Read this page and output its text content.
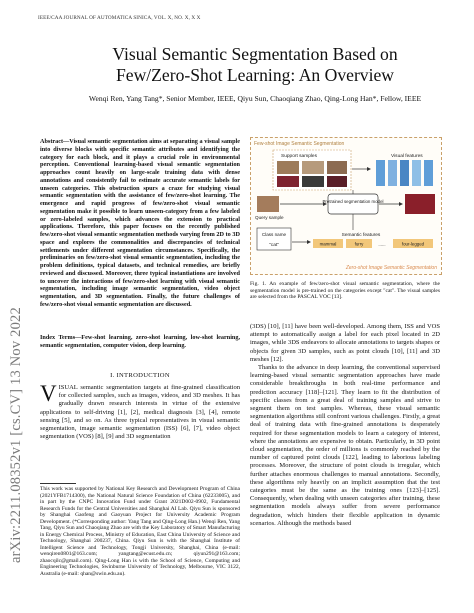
IEEE/CAA JOURNAL OF AUTOMATICA SINICA, VOL. X, NO. X, X X
Visual Semantic Segmentation Based on
Few/Zero-Shot Learning: An Overview
Wenqi Ren, Yang Tang*, Senior Member, IEEE, Qiyu Sun, Chaoqiang Zhao, Qing-Long Han*, Fellow, IEEE
arXiv:2211.08352v1 [cs.CV] 13 Nov 2022

Abstract—Visual semantic segmentation aims at separating a visual sample into diverse blocks with specific semantic attributes and identifying the category for each block, and it plays a crucial role in environmental perception. Conventional learning-based visual semantic segmentation approaches count heavily on large-scale training data with dense annotations and consistently fail to estimate accurate semantic labels for unseen categories. This obstruction spurs a craze for studying visual semantic segmentation with the assistance of few/zero-shot learning. The emergence and rapid progress of few/zero-shot visual semantic segmentation make it possible to learn unseen-category from a few labeled or zero-labeled samples, which advances the extension to practical applications. Therefore, this paper focuses on the recently published few/zero-shot visual semantic segmentation methods varying from 2D to 3D space and explores the commonalities and discrepancies of technical settlements under different segmentation circumstances. Specifically, the preliminaries on few/zero-shot visual semantic segmentation, including the problem definitions, typical datasets, and technical remedies, are briefly reviewed and discussed. Moreover, three typical instantiations are involved to uncover the interactions of few/zero-shot learning with visual semantic segmentation, including image semantic segmentation, video object segmentation, and 3D segmentation. Finally, the future challenges of few/zero-shot visual semantic segmentation are discussed.

Index Terms—Few-shot learning, zero-shot learning, low-shot learning, semantic segmentation, computer vision, deep learning.

I. INTRODUCTION
V ISUAL semantic segmentation targets at fine-grained classification for collected samples, such as images, videos, and 3D meshes. It has gradually drawn research interests in virtue of the extensive applications to self-driving [1], [2], medical diagnosis [3], [4], remote sensing [5], and so on. As three typical representatives in visual semantic segmentation, image semantic segmentation (ISS) [6], [7], video object segmentation (VOS) [8], [9] and 3D segmentation

This work was supported by National Key Research and Development Program of China (2021YFB1714300), the National Natural Science Foundation of China (62233005), and in part by the CNPC Innovation Fund under Grant 2021D002-0902, Fundamental Research Funds for the Central Universities and Shanghai AI Lab. Qiyu Sun is sponsored by Shanghai Gaofeng and Gaoyuan Project for University Academic Program Development. (*Corresponding author: Yang Tang and Qing-Long Han.) Wenqi Ren, Yang Tang, Qiyu Sun and Chaoqiang Zhao are with the Key Laboratory of Smart Manufacturing in Energy Chemical Process, Ministry of Education, East China University of Science and Technology, Shanghai 200237, China. Qiyu Sun is with the Shanghai Institute of Intelligent Science and Technology, Tongji University, Shanghai, China (e-mail: wenqiren0801@163.com; yangtang@ecust.edu.cn; qiyun291@163.com; zhaocqilc@gmail.com). Qing-Long Han is with the School of Science, Computing and Engineering Technologies, Swinburne University of Technology, Melbourne, VIC 3122, Australia (e-mail: qhan@swin.edu.au).

Few-shot Image Semantic Segmentation
Support samples	Visual features
Query sample
Pretrained segmentation model
Class name
"cat"
Semantic features
mammal	furry	......	four-legged
Zero-shot Image Semantic Segmentation

Fig. 1. An example of few/zero-shot visual semantic segmentation, where the segmentation model is pre-trained on the categories except "cat". The visual samples are selected from the PASCAL VOC [13].

(3DS) [10], [11] have been well-developed. Among them, ISS and VOS attempt to automatically assign a label for each pixel located in 2D images, while 3DS endeavors to allocate annotations to targets shapes or objects for given 3D samples, such as point clouds [10], [11] and 3D meshes [12].

Thanks to the advance in deep learning, the conventional supervised learning-based visual semantic segmentation approaches have made considerable breakthroughs in both real-time performance and prediction accuracy [118]–[121]. They learn to fit the distribution of specific classes from a great deal of training samples and strive to segment them on test samples. Whereas, these visual semantic segmentation algorithms still confront various challenges. Firstly, a great deal of training data with fine-grained annotations is desperately required for these segmentation models to learn a category of interest, where the annotations are expensive to obtain. Particularly, in 3D point cloud segmentation, the order of millions is commonly reached by the number of captured point clouds [122], leading to laborious labeling processes. Moreover, the structure of point clouds is irregular, which further attaches enormous challenges to manual annotations. Secondly, these algorithms rely heavily on an implicit assumption that the test categories must be the same as the training ones [123]–[125]. Consequently, when dealing with unseen categories after training, these segmentation models always suffer from severe performance degradation, which hinders their flexible application in dynamic scenarios. Although the methods based
